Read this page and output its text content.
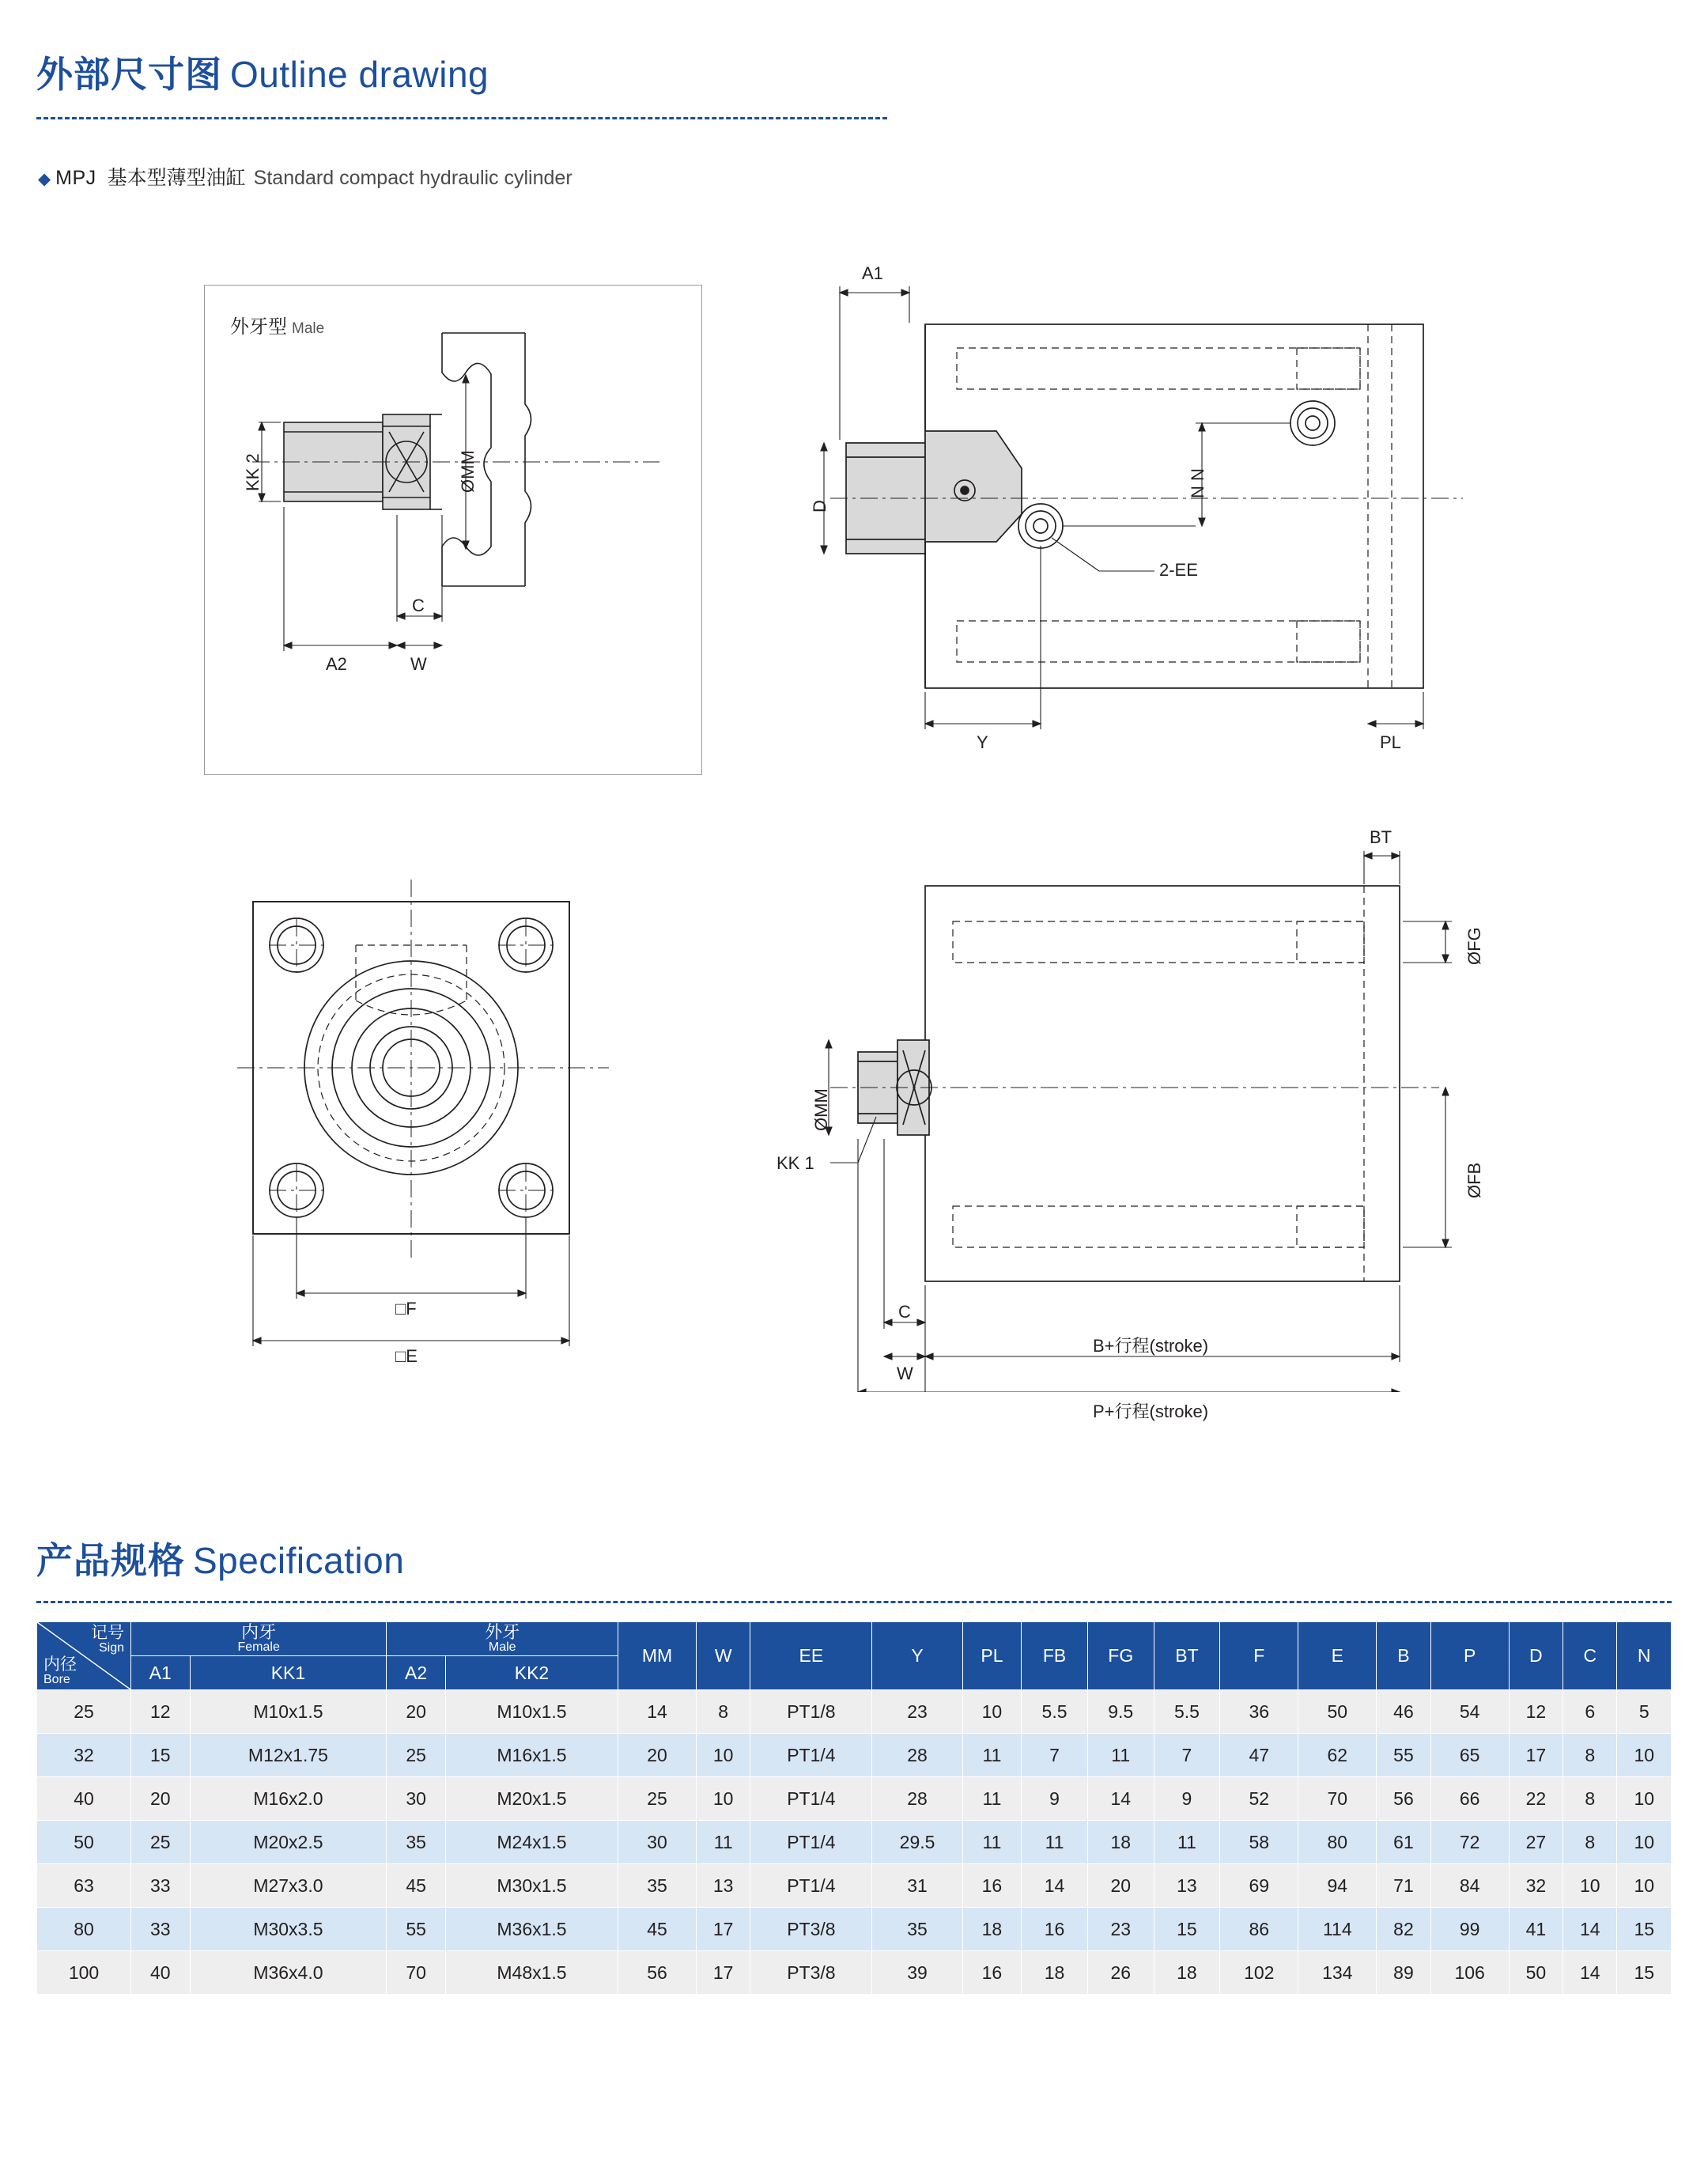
外部尺寸图 Outline drawing
◆ MPJ 基本型薄型油缸 Standard compact hydraulic cylinder
外牙型 Male
KK 2	ØMM
C
W
A2
A1
D
N N
2-EE
Y	PL
□F
□E
BT
ØFG
ØFB
ØMM
KK 1
C
W
B+行程(stroke)
P+行程(stroke)
产品规格 Specification
记号
Sign
内径
Bore	内牙
Female		外牙
Male		MM	W	EE	Y	PL	FB	FG	BT	F	E	B	P	D	C	N
	A1	KK1	A2	KK2															
25	12	M10x1.5	20	M10x1.5	14	8	PT1/8	23	10	5.5	9.5	5.5	36	50	46	54	12	6	5
32	15	M12x1.75	25	M16x1.5	20	10	PT1/4	28	11	7	11	7	47	62	55	65	17	8	10
40	20	M16x2.0	30	M20x1.5	25	10	PT1/4	28	11	9	14	9	52	70	56	66	22	8	10
50	25	M20x2.5	35	M24x1.5	30	11	PT1/4	29.5	11	11	18	11	58	80	61	72	27	8	10
63	33	M27x3.0	45	M30x1.5	35	13	PT1/4	31	16	14	20	13	69	94	71	84	32	10	10
80	33	M30x3.5	55	M36x1.5	45	17	PT3/8	35	18	16	23	15	86	114	82	99	41	14	15
100	40	M36x4.0	70	M48x1.5	56	17	PT3/8	39	16	18	26	18	102	134	89	106	50	14	15
